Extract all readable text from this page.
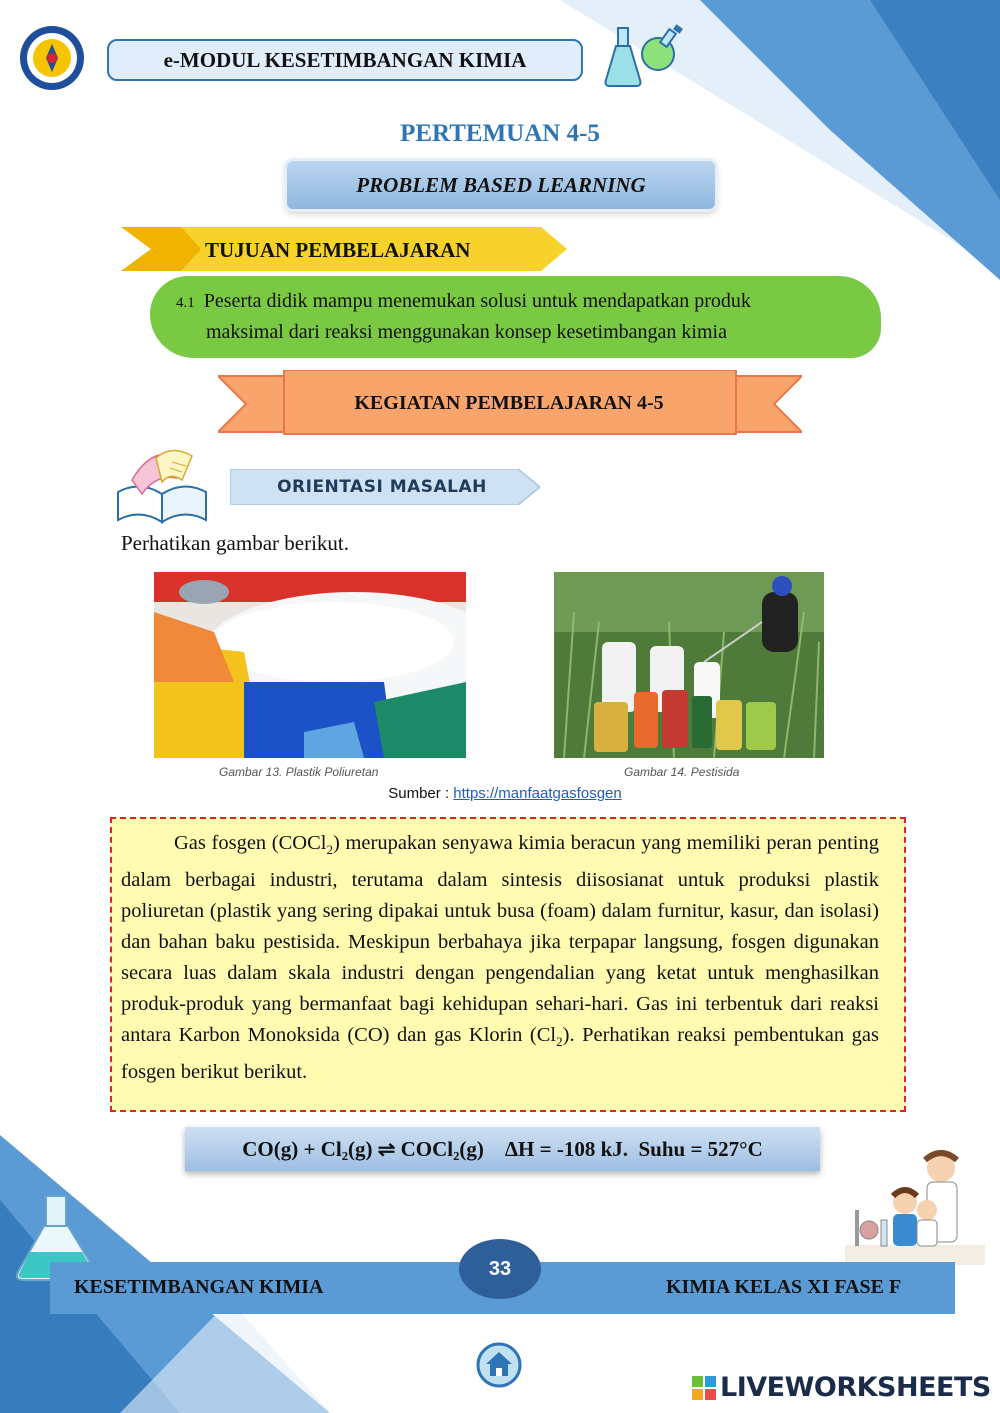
e-MODUL KESETIMBANGAN KIMIA
PERTEMUAN 4-5
PROBLEM BASED LEARNING
TUJUAN PEMBELAJARAN
4.1 Peserta didik mampu menemukan solusi untuk mendapatkan produk
maksimal dari reaksi menggunakan konsep kesetimbangan kimia
KEGIATAN PEMBELAJARAN 4-5
ORIENTASI MASALAH
Perhatikan gambar berikut.
Gambar 13. Plastik Poliuretan	Gambar 14. Pestisida
Sumber : https://manfaatgasfosgen
Gas fosgen (COCl$_2$) merupakan senyawa kimia beracun yang memiliki peran penting dalam berbagai industri, terutama dalam sintesis diisosianat untuk produksi plastik poliuretan (plastik yang sering dipakai untuk busa (foam) dalam furnitur, kasur, dan isolasi) dan bahan baku pestisida. Meskipun berbahaya jika terpapar langsung, fosgen digunakan secara luas dalam skala industri dengan pengendalian yang ketat untuk menghasilkan produk-produk yang bermanfaat bagi kehidupan sehari-hari. Gas ini terbentuk dari reaksi antara Karbon Monoksida (CO) dan gas Klorin $(Cl_2)$. Perhatikan reaksi pembentukan gas fosgen berikut berikut.
CO(g) + Cl₂(g) ⇌ COCl₂(g)    ΔH = -108 kJ.  Suhu = 527°C
KESETIMBANGAN KIMIA	KIMIA KELAS XI FASE F
33
LIVEWORKSHEETS
